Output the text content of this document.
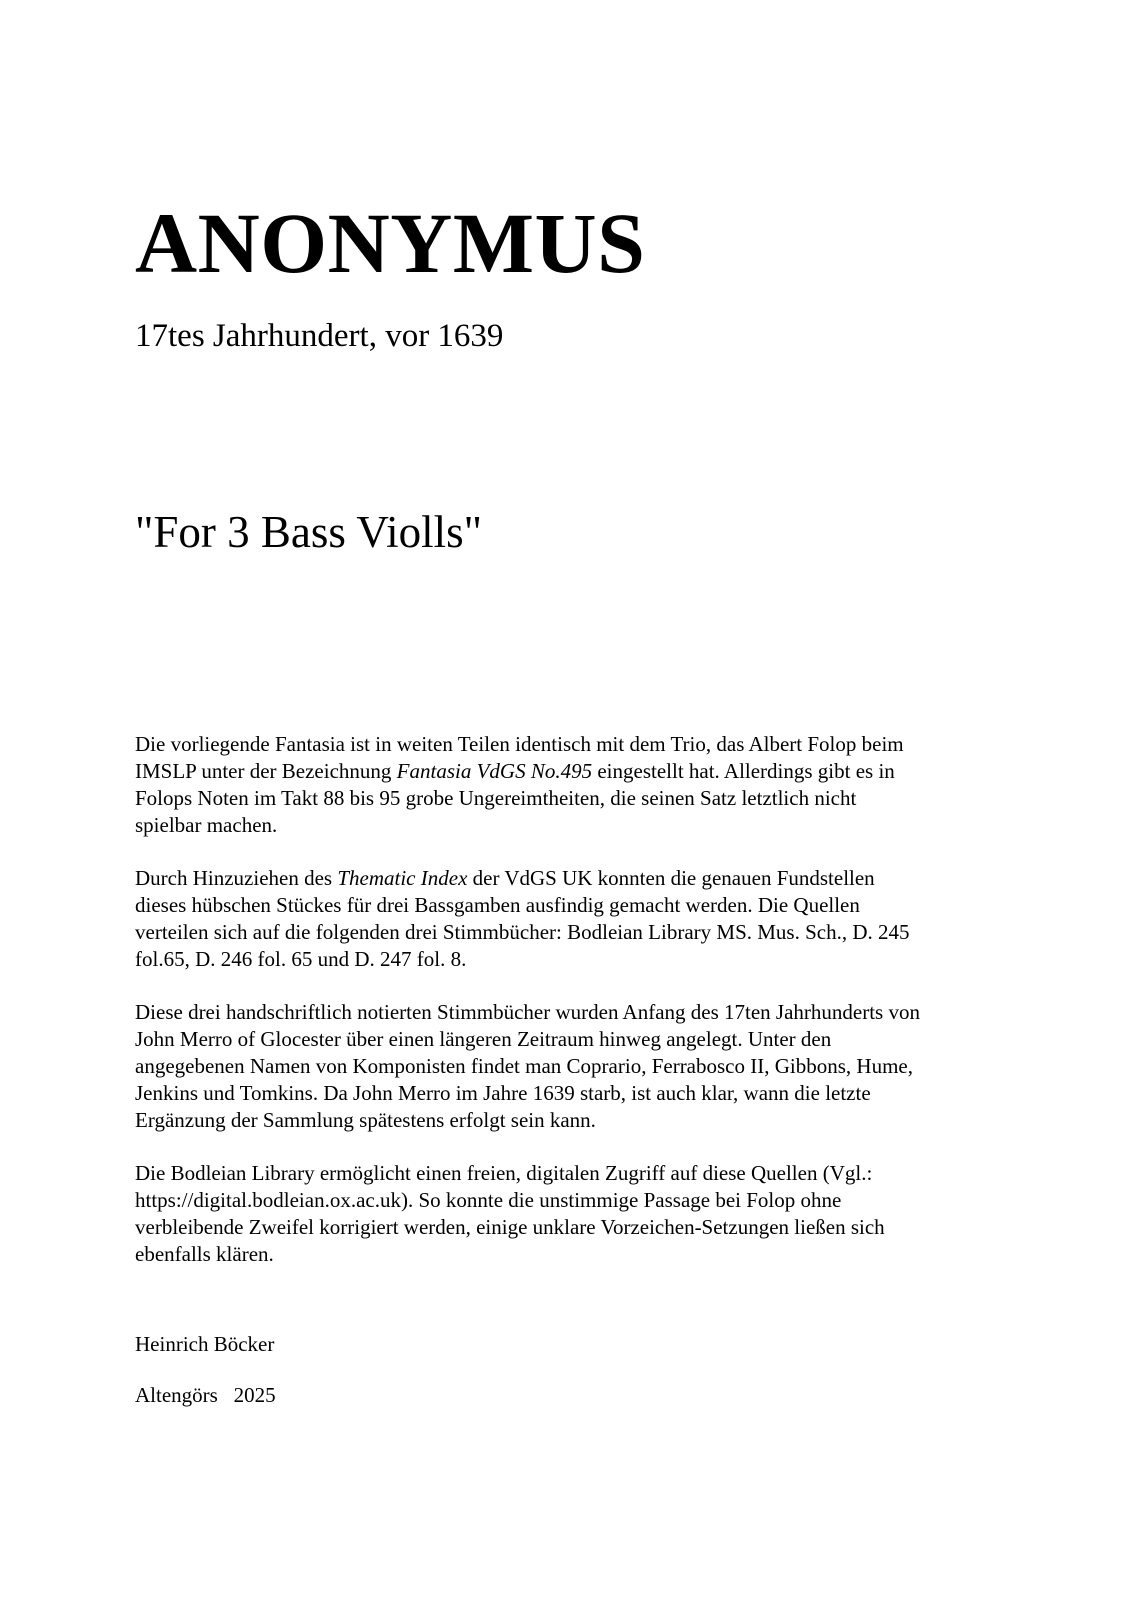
ANONYMUS
17tes Jahrhundert, vor 1639
"For 3 Bass Violls"

Die vorliegende Fantasia ist in weiten Teilen identisch mit dem Trio, das Albert Folop beim
IMSLP unter der Bezeichnung Fantasia VdGS No.495 eingestellt hat. Allerdings gibt es in
Folops Noten im Takt 88 bis 95 grobe Ungereimtheiten, die seinen Satz letztlich nicht
spielbar machen.

Durch Hinzuziehen des Thematic Index der VdGS UK konnten die genauen Fundstellen
dieses hübschen Stückes für drei Bassgamben ausfindig gemacht werden. Die Quellen
verteilen sich auf die folgenden drei Stimmbücher: Bodleian Library MS. Mus. Sch., D. 245
fol.65, D. 246 fol. 65 und D. 247 fol. 8.

Diese drei handschriftlich notierten Stimmbücher wurden Anfang des 17ten Jahrhunderts von
John Merro of Glocester über einen längeren Zeitraum hinweg angelegt. Unter den
angegebenen Namen von Komponisten findet man Coprario, Ferrabosco II, Gibbons, Hume,
Jenkins und Tomkins. Da John Merro im Jahre 1639 starb, ist auch klar, wann die letzte
Ergänzung der Sammlung spätestens erfolgt sein kann.

Die Bodleian Library ermöglicht einen freien, digitalen Zugriff auf diese Quellen (Vgl.:
https://digital.bodleian.ox.ac.uk). So konnte die unstimmige Passage bei Folop ohne
verbleibende Zweifel korrigiert werden, einige unklare Vorzeichen-Setzungen ließen sich
ebenfalls klären.

Heinrich Böcker
Altengörs   2025
